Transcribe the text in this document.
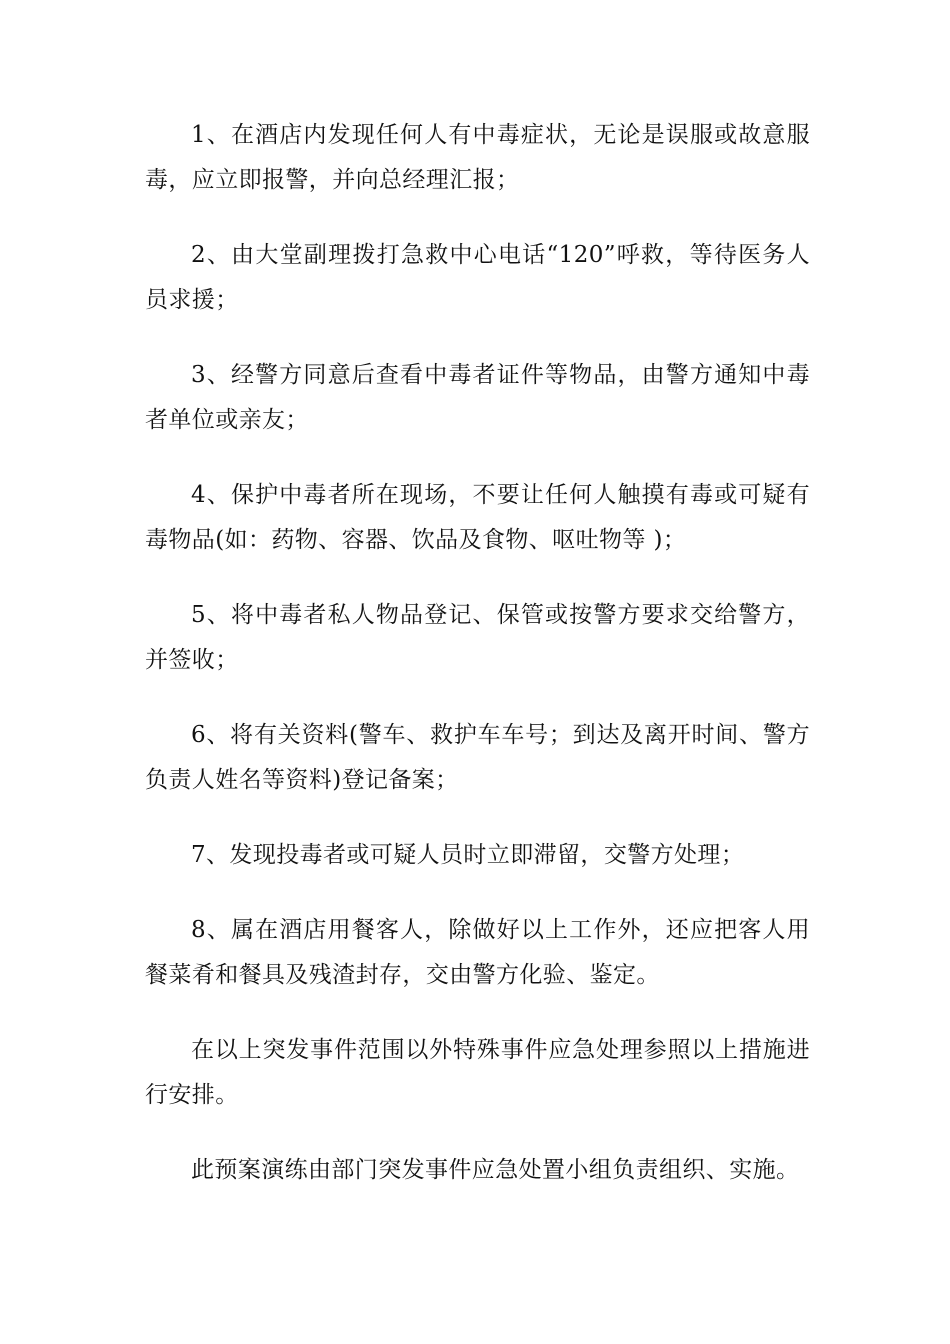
1、在酒店内发现任何人有中毒症状，无论是误服或故意服毒，应立即报警，并向总经理汇报；

2、由大堂副理拨打急救中心电话“120”呼救，等待医务人员求援；

3、经警方同意后查看中毒者证件等物品，由警方通知中毒者单位或亲友；

4、保护中毒者所在现场，不要让任何人触摸有毒或可疑有毒物品(如：药物、容器、饮品及食物、呕吐物等 )；

5、将中毒者私人物品登记、保管或按警方要求交给警方，并签收；

6、将有关资料(警车、救护车车号；到达及离开时间、警方负责人姓名等资料)登记备案；

7、发现投毒者或可疑人员时立即滞留，交警方处理；

8、属在酒店用餐客人，除做好以上工作外，还应把客人用餐菜肴和餐具及残渣封存，交由警方化验、鉴定。

在以上突发事件范围以外特殊事件应急处理参照以上措施进行安排。

此预案演练由部门突发事件应急处置小组负责组织、实施。
